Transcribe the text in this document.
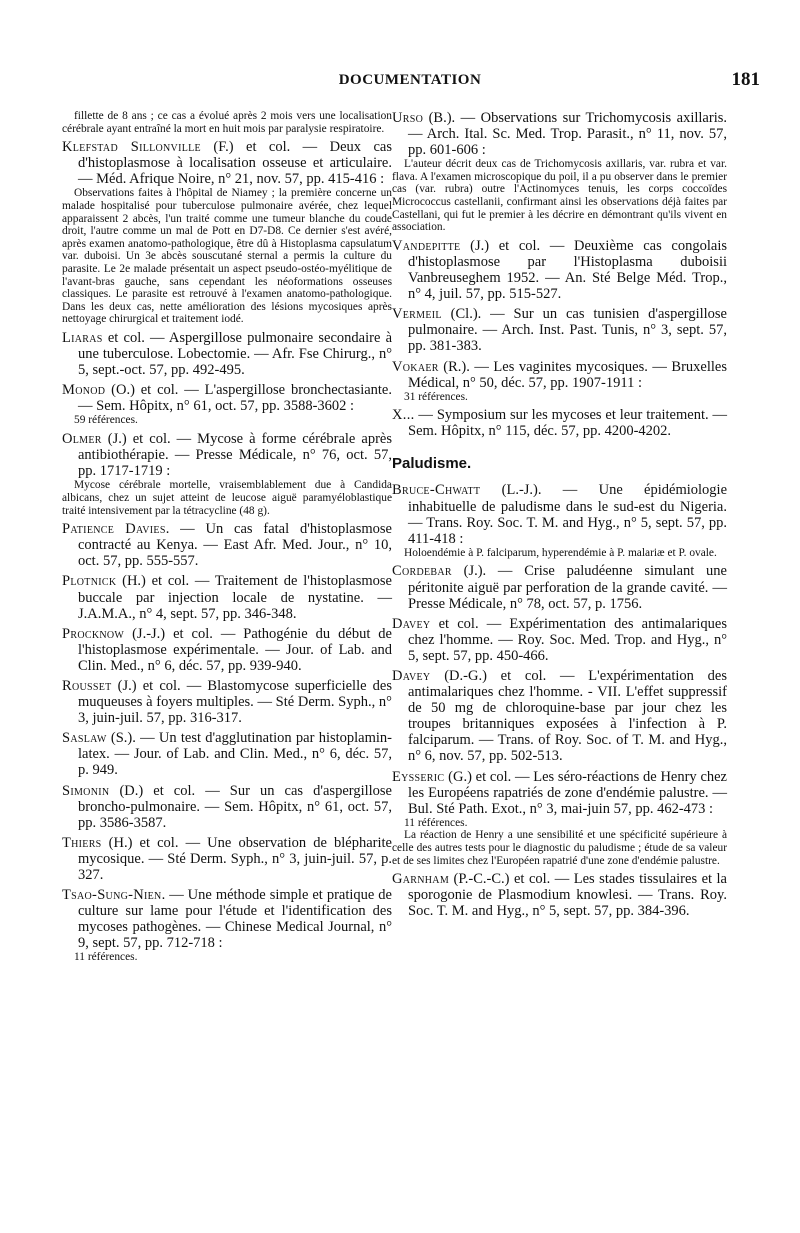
DOCUMENTATION	181
fillette de 8 ans ; ce cas a évolué après 2 mois vers une localisation cérébrale ayant entraîné la mort en huit mois par paralysie respiratoire.
Klefstad Sillonville (F.) et col. — Deux cas d'histoplasmose à localisation osseuse et articulaire. — Méd. Afrique Noire, n° 21, nov. 57, pp. 415-416 :
Observations faites à l'hôpital de Niamey ; la première concerne un malade hospitalisé pour tuberculose pulmonaire avérée, chez lequel apparaissent 2 abcès, l'un traité comme une tumeur blanche du coude droit, l'autre comme un mal de Pott en D7-D8. Ce dernier s'est avéré, après examen anatomo-pathologique, être dû à Histoplasma capsulatum var. duboisi. Un 3e abcès souscutané sternal a permis la culture du parasite. Le 2e malade présentait un aspect pseudo-ostéo-myélitique de l'avant-bras gauche, sans cependant les néoformations osseuses classiques. Le parasite est retrouvé à l'examen anatomo-pathologique. Dans les deux cas, nette amélioration des lésions mycosiques après nettoyage chirurgical et traitement iodé.
Liaras et col. — Aspergillose pulmonaire secondaire à une tuberculose. Lobectomie. — Afr. Fse Chirurg., n° 5, sept.-oct. 57, pp. 492-495.
Monod (O.) et col. — L'aspergillose bronchectasiante. — Sem. Hôpitx, n° 61, oct. 57, pp. 3588-3602 :
59 références.
Olmer (J.) et col. — Mycose à forme cérébrale après antibiothérapie. — Presse Médicale, n° 76, oct. 57, pp. 1717-1719 :
Mycose cérébrale mortelle, vraisemblablement due à Candida albicans, chez un sujet atteint de leucose aiguë paramyéloblastique traité intensivement par la tétracycline (48 g).
Patience Davies. — Un cas fatal d'histoplasmose contracté au Kenya. — East Afr. Med. Jour., n° 10, oct. 57, pp. 555-557.
Plotnick (H.) et col. — Traitement de l'histoplasmose buccale par injection locale de nystatine. — J.A.M.A., n° 4, sept. 57, pp. 346-348.
Procknow (J.-J.) et col. — Pathogénie du début de l'histoplasmose expérimentale. — Jour. of Lab. and Clin. Med., n° 6, déc. 57, pp. 939-940.
Rousset (J.) et col. — Blastomycose superficielle des muqueuses à foyers multiples. — Sté Derm. Syph., n° 3, juin-juil. 57, pp. 316-317.
Saslaw (S.). — Un test d'agglutination par histoplamin-latex. — Jour. of Lab. and Clin. Med., n° 6, déc. 57, p. 949.
Simonin (D.) et col. — Sur un cas d'aspergillose broncho-pulmonaire. — Sem. Hôpitx, n° 61, oct. 57, pp. 3586-3587.
Thiers (H.) et col. — Une observation de blépharite mycosique. — Sté Derm. Syph., n° 3, juin-juil. 57, p. 327.
Tsao-Sung-Nien. — Une méthode simple et pratique de culture sur lame pour l'étude et l'identification des mycoses pathogènes. — Chinese Medical Journal, n° 9, sept. 57, pp. 712-718 :
11 références.
Urso (B.). — Observations sur Trichomycosis axillaris. — Arch. Ital. Sc. Med. Trop. Parasit., n° 11, nov. 57, pp. 601-606 :
L'auteur décrit deux cas de Trichomycosis axillaris, var. rubra et var. flava. A l'examen microscopique du poil, il a pu observer dans le premier cas (var. rubra) outre l'Actinomyces tenuis, les corps coccoïdes Micrococcus castellanii, confirmant ainsi les observations déjà faites par Castellani, qui fut le premier à les décrire en démontrant qu'ils vivent en association.
Vandepitte (J.) et col. — Deuxième cas congolais d'histoplasmose par l'Histoplasma duboisii Vanbreuseghem 1952. — An. Sté Belge Méd. Trop., n° 4, juil. 57, pp. 515-527.
Vermeil (Cl.). — Sur un cas tunisien d'aspergillose pulmonaire. — Arch. Inst. Past. Tunis, n° 3, sept. 57, pp. 381-383.
Vokaer (R.). — Les vaginites mycosiques. — Bruxelles Médical, n° 50, déc. 57, pp. 1907-1911 :
31 références.
X... — Symposium sur les mycoses et leur traitement. — Sem. Hôpitx, n° 115, déc. 57, pp. 4200-4202.
Paludisme.
Bruce-Chwatt (L.-J.). — Une épidémiologie inhabituelle de paludisme dans le sud-est du Nigeria. — Trans. Roy. Soc. T. M. and Hyg., n° 5, sept. 57, pp. 411-418 :
Holoendémie à P. falciparum, hyperendémie à P. malariæ et P. ovale.
Cordebar (J.). — Crise paludéenne simulant une péritonite aiguë par perforation de la grande cavité. — Presse Médicale, n° 78, oct. 57, p. 1756.
Davey et col. — Expérimentation des antimalariques chez l'homme. — Roy. Soc. Med. Trop. and Hyg., n° 5, sept. 57, pp. 450-466.
Davey (D.-G.) et col. — L'expérimentation des antimalariques chez l'homme. - VII. L'effet suppressif de 50 mg de chloroquine-base par jour chez les troupes britanniques exposées à l'infection à P. falciparum. — Trans. of Roy. Soc. of T. M. and Hyg., n° 6, nov. 57, pp. 502-513.
Eysseric (G.) et col. — Les séro-réactions de Henry chez les Européens rapatriés de zone d'endémie palustre. — Bul. Sté Path. Exot., n° 3, mai-juin 57, pp. 462-473 :
11 références.
La réaction de Henry a une sensibilité et une spécificité supérieure à celle des autres tests pour le diagnostic du paludisme ; étude de sa valeur et de ses limites chez l'Européen rapatrié d'une zone d'endémie palustre.
Garnham (P.-C.-C.) et col. — Les stades tissulaires et la sporogonie de Plasmodium knowlesi. — Trans. Roy. Soc. T. M. and Hyg., n° 5, sept. 57, pp. 384-396.
